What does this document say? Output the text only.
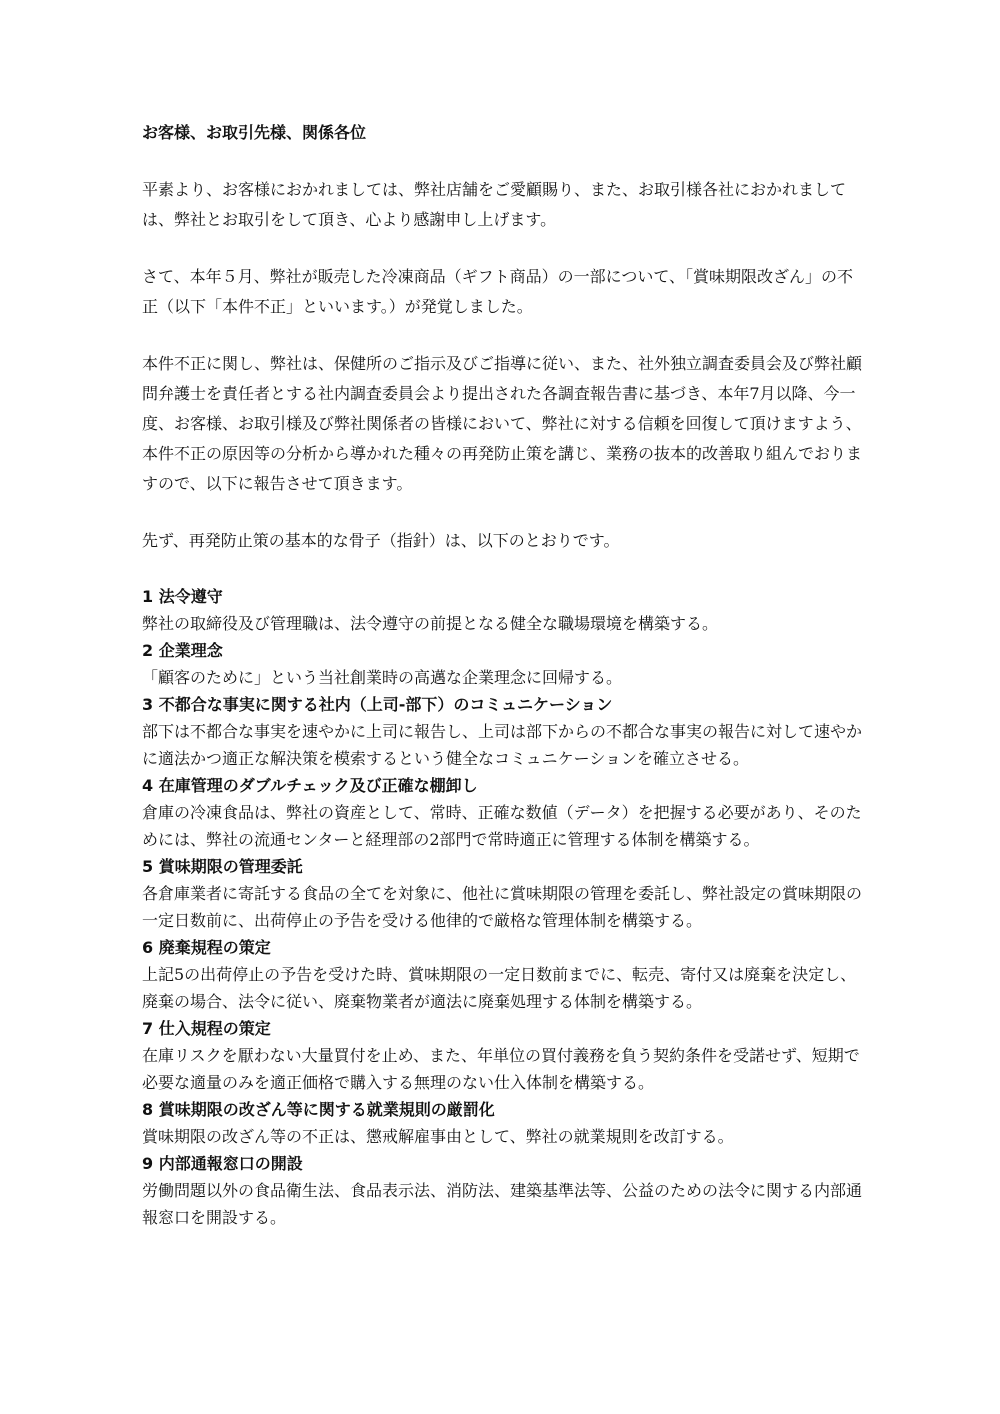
お客様、お取引先様、関係各位

平素より、お客様におかれましては、弊社店舗をご愛顧賜り、また、お取引様各社におかれましては、弊社とお取引をして頂き、心より感謝申し上げます。

さて、本年５月、弊社が販売した冷凍商品（ギフト商品）の一部について、「賞味期限改ざん」の不正（以下「本件不正」といいます。）が発覚しました。

本件不正に関し、弊社は、保健所のご指示及びご指導に従い、また、社外独立調査委員会及び弊社顧問弁護士を責任者とする社内調査委員会より提出された各調査報告書に基づき、本年7月以降、今一度、お客様、お取引様及び弊社関係者の皆様において、弊社に対する信頼を回復して頂けますよう、本件不正の原因等の分析から導かれた種々の再発防止策を講じ、業務の抜本的改善取り組んでおりますので、以下に報告させて頂きます。

先ず、再発防止策の基本的な骨子（指針）は、以下のとおりです。

1 法令遵守

弊社の取締役及び管理職は、法令遵守の前提となる健全な職場環境を構築する。

2 企業理念

「顧客のために」という当社創業時の高邁な企業理念に回帰する。

3 不都合な事実に関する社内（上司-部下）のコミュニケーション

部下は不都合な事実を速やかに上司に報告し、上司は部下からの不都合な事実の報告に対して速やかに適法かつ適正な解決策を模索するという健全なコミュニケーションを確立させる。

4 在庫管理のダブルチェック及び正確な棚卸し

倉庫の冷凍食品は、弊社の資産として、常時、正確な数値（データ）を把握する必要があり、そのためには、弊社の流通センターと経理部の2部門で常時適正に管理する体制を構築する。

5 賞味期限の管理委託

各倉庫業者に寄託する食品の全てを対象に、他社に賞味期限の管理を委託し、弊社設定の賞味期限の一定日数前に、出荷停止の予告を受ける他律的で厳格な管理体制を構築する。

6 廃棄規程の策定

上記5の出荷停止の予告を受けた時、賞味期限の一定日数前までに、転売、寄付又は廃棄を決定し、廃棄の場合、法令に従い、廃棄物業者が適法に廃棄処理する体制を構築する。

7 仕入規程の策定

在庫リスクを厭わない大量買付を止め、また、年単位の買付義務を負う契約条件を受諾せず、短期で必要な適量のみを適正価格で購入する無理のない仕入体制を構築する。

8 賞味期限の改ざん等に関する就業規則の厳罰化

賞味期限の改ざん等の不正は、懲戒解雇事由として、弊社の就業規則を改訂する。

9 内部通報窓口の開設

労働問題以外の食品衛生法、食品表示法、消防法、建築基準法等、公益のための法令に関する内部通報窓口を開設する。
